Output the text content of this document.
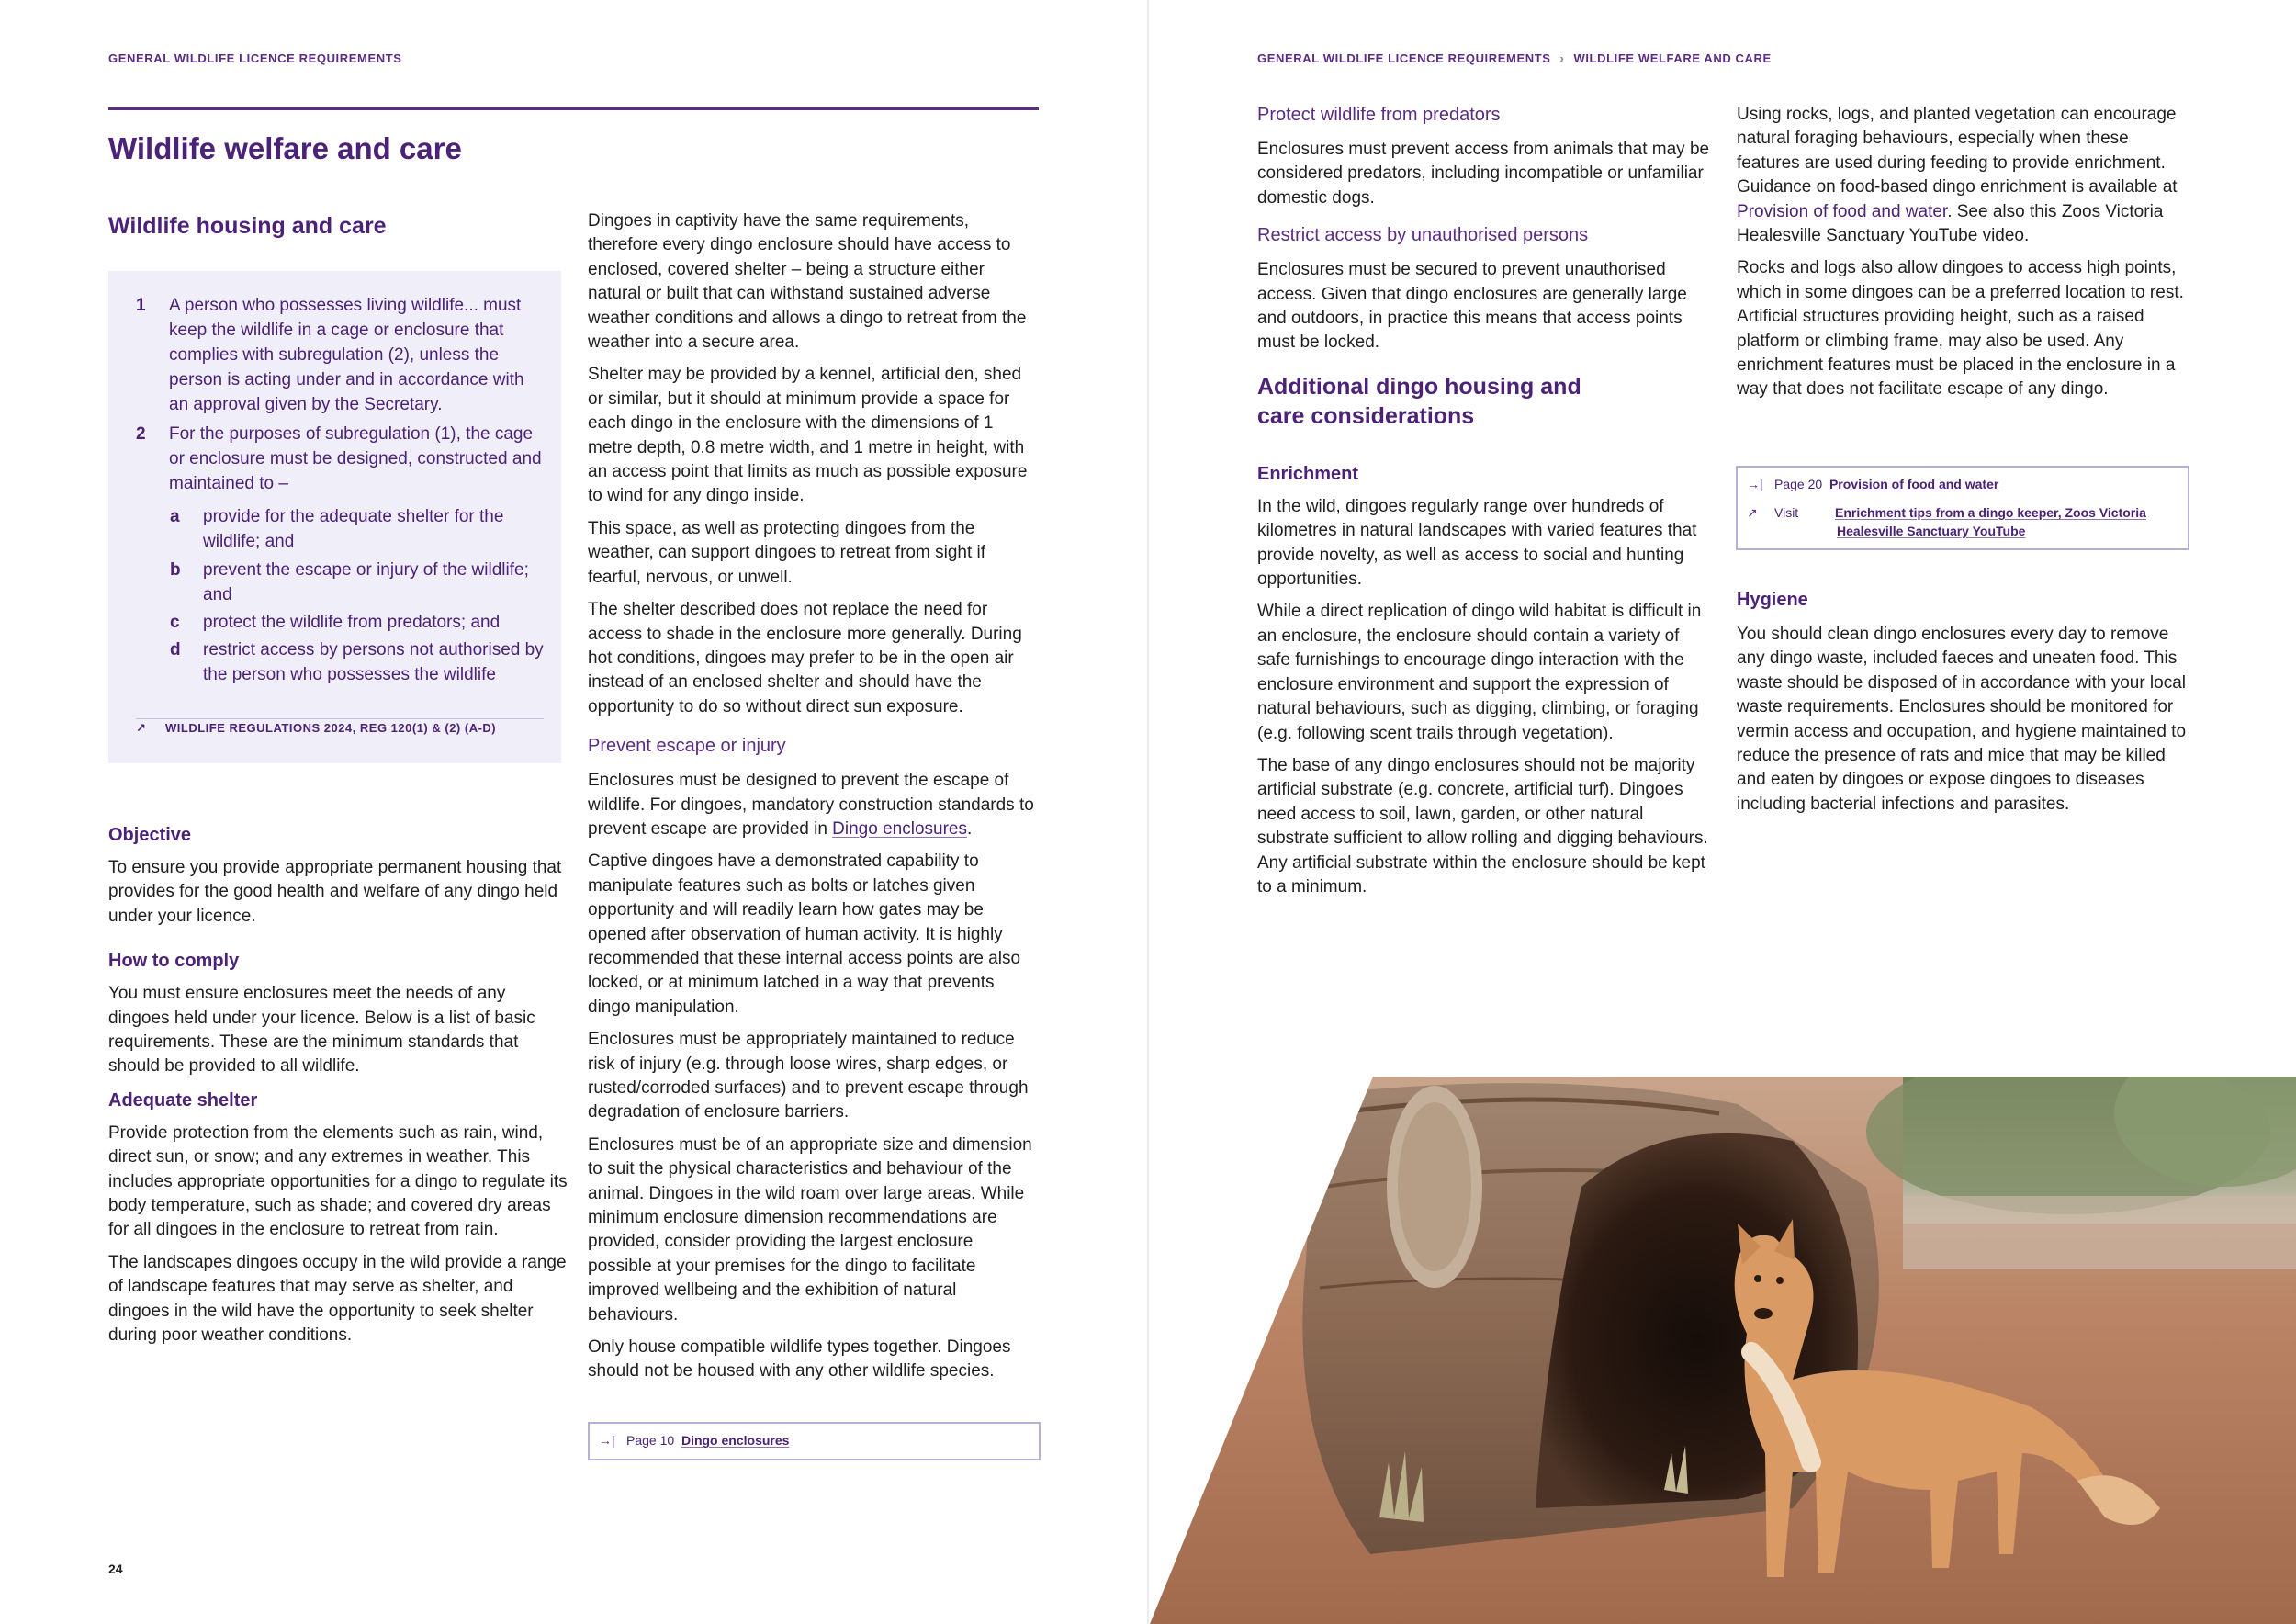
GENERAL WILDLIFE LICENCE REQUIREMENTS
Wildlife welfare and care
Wildlife housing and care
1 A person who possesses living wildlife... must keep the wildlife in a cage or enclosure that complies with subregulation (2), unless the person is acting under and in accordance with an approval given by the Secretary.
2 For the purposes of subregulation (1), the cage or enclosure must be designed, constructed and maintained to –
a provide for the adequate shelter for the wildlife; and
b prevent the escape or injury of the wildlife; and
c protect the wildlife from predators; and
d restrict access by persons not authorised by the person who possesses the wildlife
↗ WILDLIFE REGULATIONS 2024, REG 120(1) & (2) (A-D)
Objective

To ensure you provide appropriate permanent housing that provides for the good health and welfare of any dingo held under your licence.

How to comply

You must ensure enclosures meet the needs of any dingoes held under your licence. Below is a list of basic requirements. These are the minimum standards that should be provided to all wildlife.

Adequate shelter

Provide protection from the elements such as rain, wind, direct sun, or snow; and any extremes in weather. This includes appropriate opportunities for a dingo to regulate its body temperature, such as shade; and covered dry areas for all dingoes in the enclosure to retreat from rain.

The landscapes dingoes occupy in the wild provide a range of landscape features that may serve as shelter, and dingoes in the wild have the opportunity to seek shelter during poor weather conditions.

Dingoes in captivity have the same requirements, therefore every dingo enclosure should have access to enclosed, covered shelter – being a structure either natural or built that can withstand sustained adverse weather conditions and allows a dingo to retreat from the weather into a secure area.

Shelter may be provided by a kennel, artificial den, shed or similar, but it should at minimum provide a space for each dingo in the enclosure with the dimensions of 1 metre depth, 0.8 metre width, and 1 metre in height, with an access point that limits as much as possible exposure to wind for any dingo inside.

This space, as well as protecting dingoes from the weather, can support dingoes to retreat from sight if fearful, nervous, or unwell.

The shelter described does not replace the need for access to shade in the enclosure more generally. During hot conditions, dingoes may prefer to be in the open air instead of an enclosed shelter and should have the opportunity to do so without direct sun exposure.

Prevent escape or injury

Enclosures must be designed to prevent the escape of wildlife. For dingoes, mandatory construction standards to prevent escape are provided in Dingo enclosures.

Captive dingoes have a demonstrated capability to manipulate features such as bolts or latches given opportunity and will readily learn how gates may be opened after observation of human activity. It is highly recommended that these internal access points are also locked, or at minimum latched in a way that prevents dingo manipulation.

Enclosures must be appropriately maintained to reduce risk of injury (e.g. through loose wires, sharp edges, or rusted/corroded surfaces) and to prevent escape through degradation of enclosure barriers.

Enclosures must be of an appropriate size and dimension to suit the physical characteristics and behaviour of the animal. Dingoes in the wild roam over large areas. While minimum enclosure dimension recommendations are provided, consider providing the largest enclosure possible at your premises for the dingo to facilitate improved wellbeing and the exhibition of natural behaviours.

Only house compatible wildlife types together. Dingoes should not be housed with any other wildlife species.

→| Page 10 Dingo enclosures
24
GENERAL WILDLIFE LICENCE REQUIREMENTS › WILDLIFE WELFARE AND CARE
Protect wildlife from predators

Enclosures must prevent access from animals that may be considered predators, including incompatible or unfamiliar domestic dogs.

Restrict access by unauthorised persons

Enclosures must be secured to prevent unauthorised access. Given that dingo enclosures are generally large and outdoors, in practice this means that access points must be locked.

Additional dingo housing and
care considerations
Enrichment

In the wild, dingoes regularly range over hundreds of kilometres in natural landscapes with varied features that provide novelty, as well as access to social and hunting opportunities.

While a direct replication of dingo wild habitat is difficult in an enclosure, the enclosure should contain a variety of safe furnishings to encourage dingo interaction with the enclosure environment and support the expression of natural behaviours, such as digging, climbing, or foraging (e.g. following scent trails through vegetation).

The base of any dingo enclosures should not be majority artificial substrate (e.g. concrete, artificial turf). Dingoes need access to soil, lawn, garden, or other natural substrate sufficient to allow rolling and digging behaviours. Any artificial substrate within the enclosure should be kept to a minimum.

Using rocks, logs, and planted vegetation can encourage natural foraging behaviours, especially when these features are used during feeding to provide enrichment. Guidance on food-based dingo enrichment is available at Provision of food and water. See also this Zoos Victoria Healesville Sanctuary YouTube video.

Rocks and logs also allow dingoes to access high points, which in some dingoes can be a preferred location to rest. Artificial structures providing height, such as a raised platform or climbing frame, may also be used. Any enrichment features must be placed in the enclosure in a way that does not facilitate escape of any dingo.

→| Page 20 Provision of food and water
↗ Visit	Enrichment tips from a dingo keeper, Zoos Victoria
Healesville Sanctuary YouTube
Hygiene

You should clean dingo enclosures every day to remove any dingo waste, included faeces and uneaten food. This waste should be disposed of in accordance with your local waste requirements. Enclosures should be monitored for vermin access and occupation, and hygiene maintained to reduce the presence of rats and mice that may be killed and eaten by dingoes or expose dingoes to diseases including bacterial infections and parasites.
